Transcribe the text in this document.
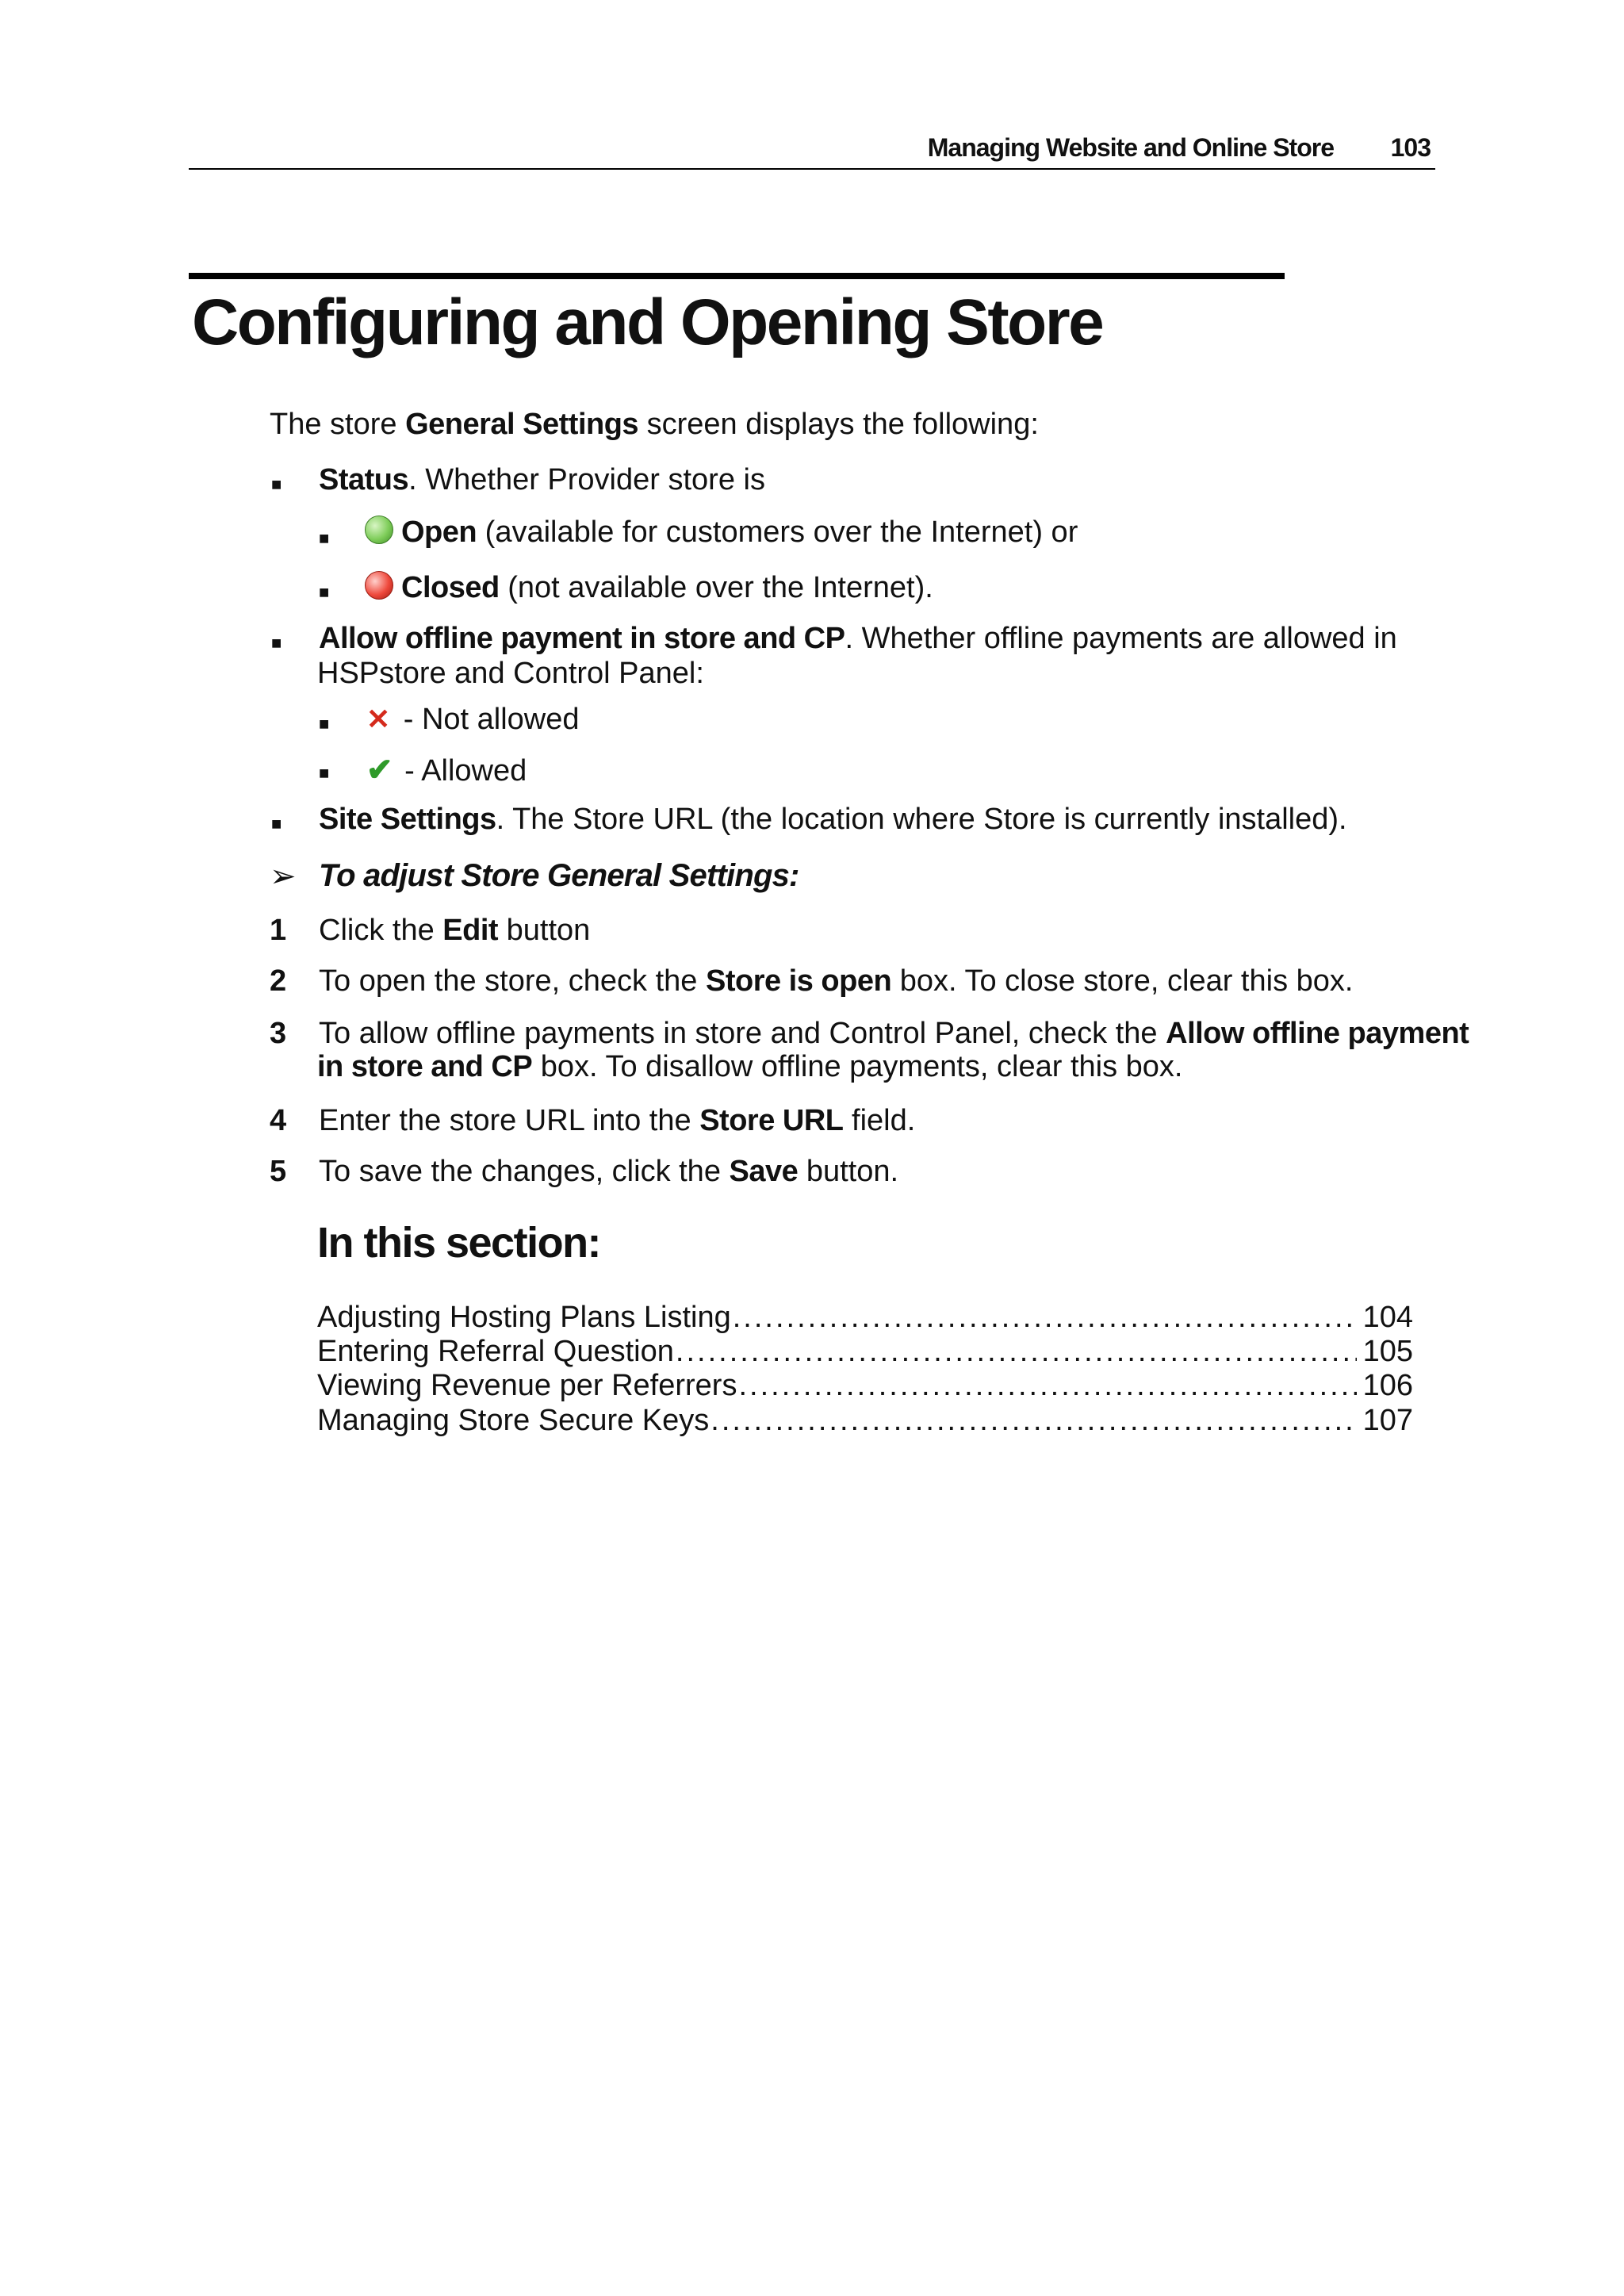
Managing Website and Online Store 103
Configuring and Opening Store
The store General Settings screen displays the following:
■ Status. Whether Provider store is
■	Open (available for customers over the Internet) or
■	Closed (not available over the Internet).
■ Allow offline payment in store and CP. Whether offline payments are allowed in
HSPstore and Control Panel:
■ ✕ - Not allowed
■ ✔ - Allowed
■ Site Settings. The Store URL (the location where Store is currently installed).
➢ To adjust Store General Settings:
1 Click the Edit button
2 To open the store, check the Store is open box. To close store, clear this box.
3 To allow offline payments in store and Control Panel, check the Allow offline payment
in store and CP box. To disallow offline payments, clear this box.
4 Enter the store URL into the Store URL field.
5 To save the changes, click the Save button.
In this section:
Adjusting Hosting Plans Listing .....	104
Entering Referral Question .....	105
Viewing Revenue per Referrers .....	106
Managing Store Secure Keys .....	107
